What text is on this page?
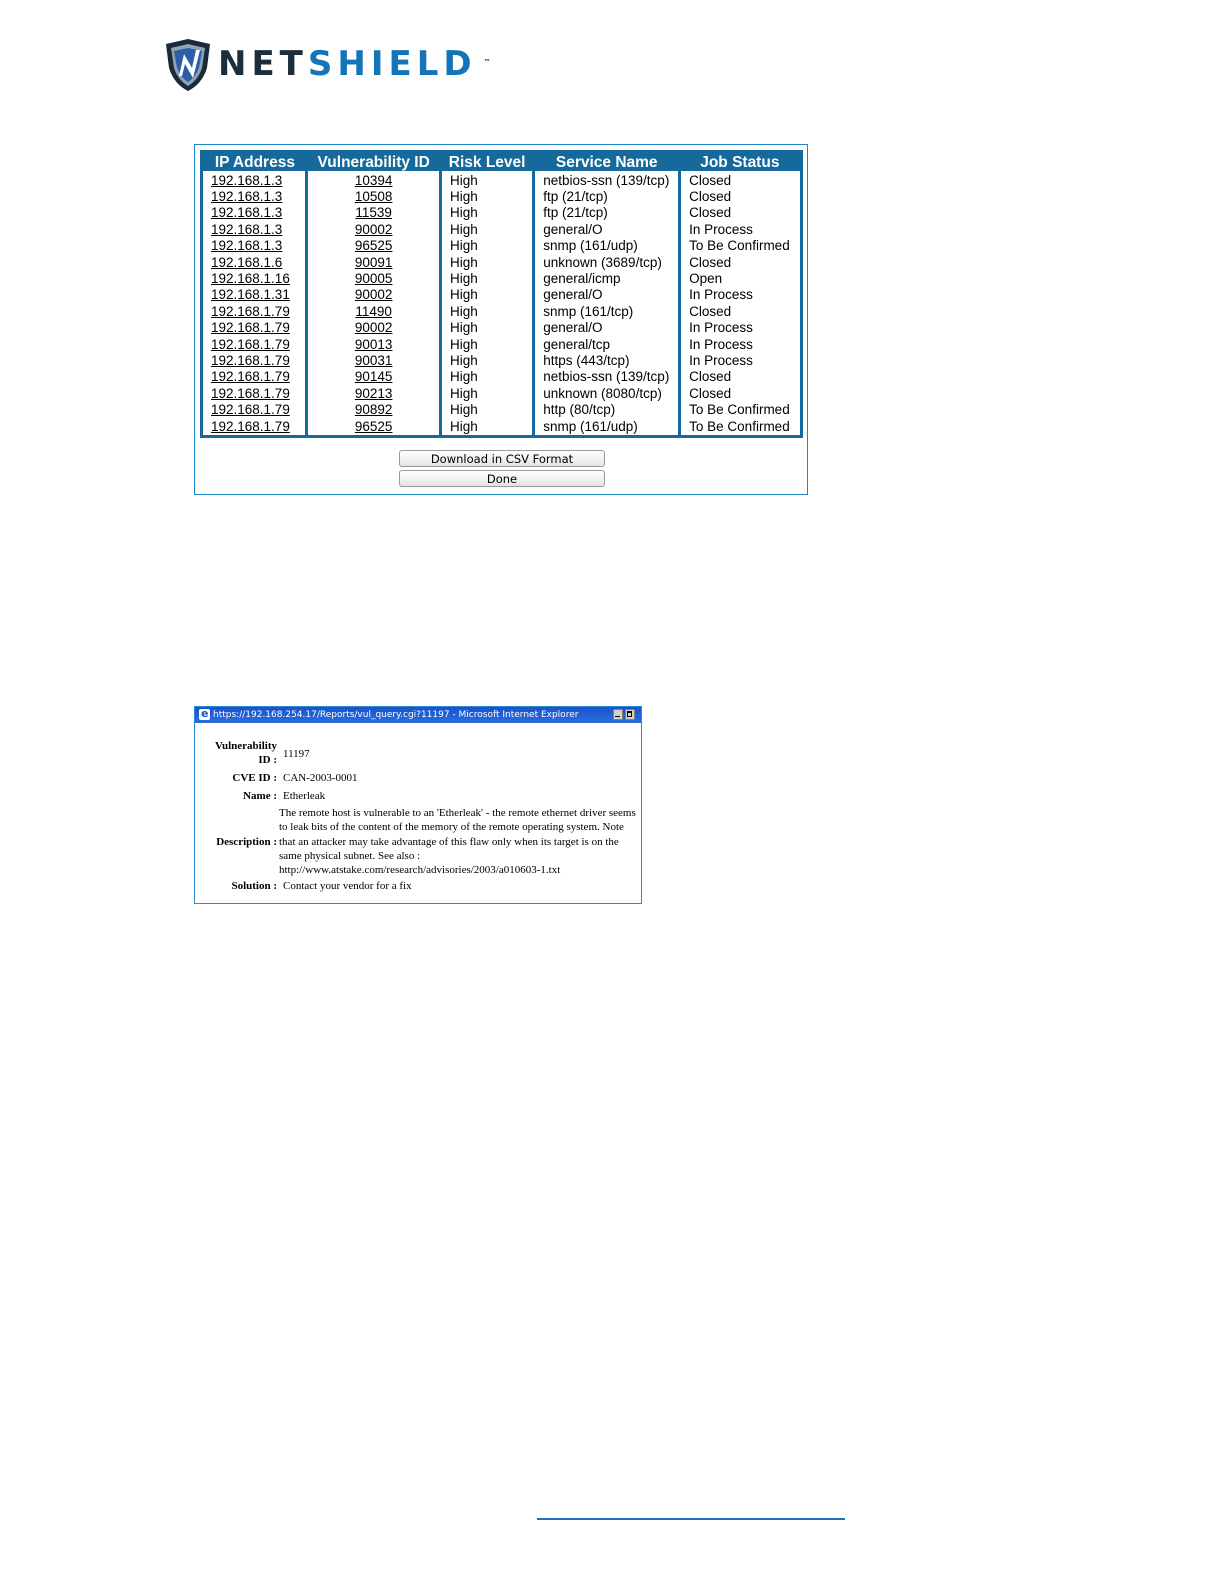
NETSHIELD ™
IP Address	Vulnerability ID	Risk Level	Service Name	Job Status
192.168.1.3	10394	High	netbios-ssn (139/tcp)	Closed
192.168.1.3	10508	High	ftp (21/tcp)	Closed
192.168.1.3	11539	High	ftp (21/tcp)	Closed
192.168.1.3	90002	High	general/O	In Process
192.168.1.3	96525	High	snmp (161/udp)	To Be Confirmed
192.168.1.6	90091	High	unknown (3689/tcp)	Closed
192.168.1.16	90005	High	general/icmp	Open
192.168.1.31	90002	High	general/O	In Process
192.168.1.79	11490	High	snmp (161/tcp)	Closed
192.168.1.79	90002	High	general/O	In Process
192.168.1.79	90013	High	general/tcp	In Process
192.168.1.79	90031	High	https (443/tcp)	In Process
192.168.1.79	90145	High	netbios-ssn (139/tcp)	Closed
192.168.1.79	90213	High	unknown (8080/tcp)	Closed
192.168.1.79	90892	High	http (80/tcp)	To Be Confirmed
192.168.1.79	96525	High	snmp (161/udp)	To Be Confirmed
Download in CSV Format
Done
e https://192.168.254.17/Reports/vul_query.cgi?11197 - Microsoft Internet Explorer
Vulnerability
ID : 11197
CVE ID : CAN-2003-0001
Name : Etherleak
Description :
The remote host is vulnerable to an 'Etherleak' - the remote ethernet driver seems to leak bits of the content of the memory of the remote operating system. Note that an attacker may take advantage of this flaw only when its target is on the same physical subnet. See also : http://www.atstake.com/research/advisories/2003/a010603-1.txt
Solution : Contact your vendor for a fix
